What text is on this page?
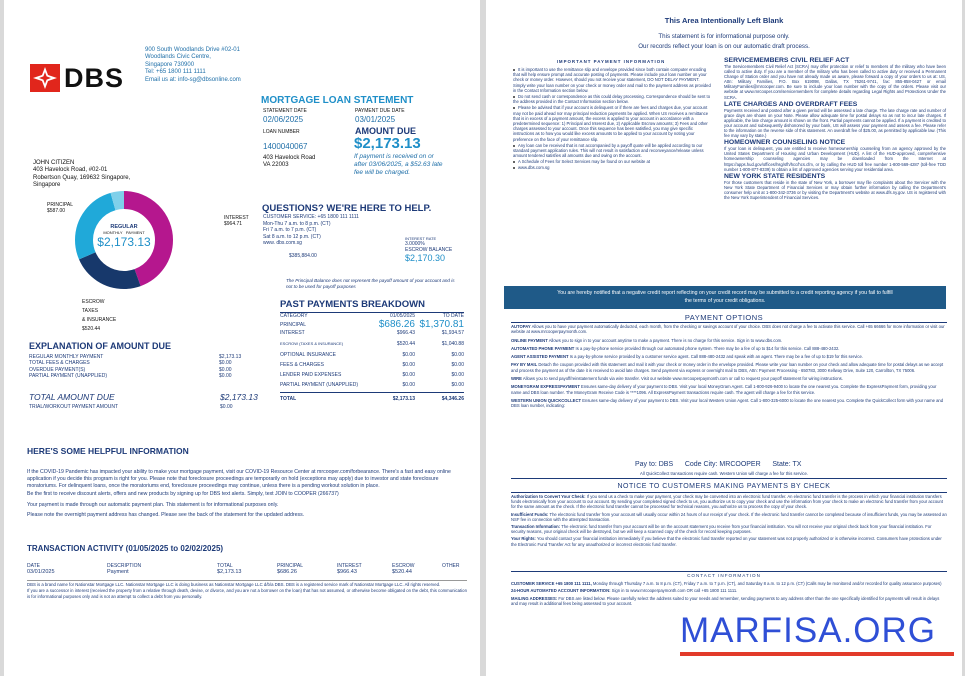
DBS
900 South Woodlands Drive #02-01
Woodlands Civic Centre,
Singapore 730900
Tel: +65 1800 111 1111
Email us at: info-sg@dbsonline.com
MORTGAGE LOAN STATEMENT
STATEMENT DATE	PAYMENT DUE DATE
02/06/2025	03/01/2025
LOAN NUMBER	AMOUNT DUE
1400040067	$2,173.13
403 Havelock Road
VA 22003
If payment is received on or after 03/06/2025, a $52.63 late fee will be charged.
JOHN CITIZEN
403 Havelock Road, #02-01
Robertson Quay, 169632 Singapore,
Singapore
PRINCIPAL
$587.00
INTEREST
$964.71
REGULAR
MONTHLY PAYMENT
$2,173.13
ESCROW
TAXES
& INSURANCE
$520.44
QUESTIONS? WE'RE HERE TO HELP.
CUSTOMER SERVICE: +65 1800 111 1111
Mon-Thu 7 a.m. to 8 p.m. (CT)
Fri 7 a.m. to 7 p.m. (CT)
Sat 8 a.m. to 12 p.m. (CT)
www. dbs.com.sg
$385,884.00
INTEREST RATE
3.0000%
ESCROW BALANCE
$2,170.30
The Principal Balance does not represent the payoff amount of your account and is not to be used for payoff purposes
PAST PAYMENTS BREAKDOWN
CATEGORY	01/05/2025	TO DATE
PRINCIPAL	$686.26	$1,370.81
INTEREST	$966.43	$1,934.57
ESCROW (TAXES & INSURANCE)	$520.44	$1,040.88
OPTIONAL INSURANCE	$0.00	$0.00
FEES & CHARGES	$0.00	$0.00
LENDER PAID EXPENSES	$0.00	$0.00
PARTIAL PAYMENT (UNAPPLIED)	$0.00	$0.00
TOTAL	$2,173.13	$4,346.26
EXPLANATION OF AMOUNT DUE
REGULAR MONTHLY PAYMENT	$2,173.13
TOTAL FEES & CHARGES	$0.00
OVERDUE PAYMENT(S)	$0.00
PARTIAL PAYMENT (UNAPPLIED)	$0.00
TOTAL AMOUNT DUE	$2,173.13
TRIAL/WORKOUT PAYMENT AMOUNT	$0.00
HERE'S SOME HELPFUL INFORMATION

If the COVID-19 Pandemic has impacted your ability to make your mortgage payment, visit our COVID-19 Resource Center at mrcooper.com/forbearance. There's a fast and easy online application if you decide this program is right for you. Please note that foreclosure proceedings are temporarily on hold (exceptions may apply) due to investor and state foreclosure moratoriums. For delinquent loans, once the moratoriums end, foreclosure proceedings may continue, unless there is a pending workout solution in place.

Be the first to receive discount alerts, offers and new products by signing up for DBS text alerts. Simply, text JOIN to COOPER (266737)

Your payment is made through our automatic payment plan. This statement is for informational purposes only.

Please note the overnight payment address has changed. Please see the back of the statement for the updated address.

TRANSACTION ACTIVITY (01/05/2025 to 02/02/2025)
DATE	DESCRIPTION	TOTAL	PRINCIPAL	INTEREST	ESCROW	OTHER
03/01/2025	Payment	$2,173.13	$686.26	$966.43	$520.44	

DBS is a brand name for Nationstar Mortgage LLC. Nationstar Mortgage LLC is doing business as Nationstar Mortgage LLC d/b/a DBS. DBS is a registered service mark of Nationstar Mortgage LLC. All rights reserved.

If you are a successor in interest (received the property from a relative through death, devise, or divorce, and you are not a borrower on the loan) that has not assumed, or otherwise become obligated on the debt, this communication is for informational purposes only and is not an attempt to collect a debt from you personally.

This Area Intentionally Left Blank
This statement is for informational purpose only.
Our records reflect your loan is on our automatic draft process.
IMPORTANT PAYMENT INFORMATION

It is important to use the remittance slip and envelope provided since both contain computer encoding that will help ensure prompt and accurate posting of payments. Please include your loan number on your check or money order. However, should you not receive your statement, DO NOT DELAY PAYMENT. Simply write your loan number on your check or money order and mail to the payment address as provided in the Contact Information section below.

Do not send cash or correspondence as this could delay processing. Correspondence should be sent to the address provided in the Contact Information section below.

Please be advised that if your account is delinquent or if there are fees and charges due, your account may not be paid ahead nor may principal reduction payments be applied. When US receives a remittance that is in excess of a payment amount, the excess is applied to your account in accordance with a predetermined sequence: 1) Principal and Interest due, 2) Applicable Escrow amounts; 3) Fees and other charges assessed to your account. Once this sequence has been satisfied, you may give specific instructions as to how you would like excess amounts to be applied to your account by noting your preference on the face of your remittance slip.

Any loan can be received that is not accompanied by a payoff quote will be applied according to our standard payment application rules. This will not result in satisfaction and reconveyance/release unless amount tendered satisfies all amounts due and owing on the account.

A Schedule of Fees for Select Services may be found on our website at

www.dbs.com.sg

SERVICEMEMBERS CIVIL RELIEF ACT

The Servicemembers Civil Relief Act (SCRA) may offer protection or relief to members of the military who have been called to active duty. If you are a member of the military who has been called to active duty or received a Permanent Change of Station order and you have not already made us aware, please forward a copy of your orders to us at: US, Attn: Military Families, P.O. Box 619098, Dallas, TX 75261-9741, fax: 855-858-0427 or email MilitaryFamilies@mrcooper.com. Be sure to include your loan number with the copy of the orders. Please visit our website at www.mrcooper.com/servicemembers for complete details regarding Legal Rights and Protections Under the SCRA.

LATE CHARGES AND OVERDRAFT FEES

Payments received and posted after a given period will be assessed a late charge. The late charge rate and number of grace days are shown on your Note. Please allow adequate time for postal delays so as not to incur late charges. If applicable, the late charge amount is shown on the front. Partial payments cannot be applied. If a payment is credited to your account and subsequently dishonored by your bank, US will assess your payment and assess a fee. Please refer to the information on the reverse side of this statement. An overdraft fee of $25.00, as permitted by applicable law. (This fee may vary by state.)

HOMEOWNER COUNSELING NOTICE

If your loan is delinquent, you are entitled to receive homeownership counseling from an agency approved by the United States Department of Housing and Urban Development (HUD). A list of the HUD-approved, comprehensive homeownership counseling agencies may be downloaded from the Internet at https://apps.hud.gov/offices/hsg/sfh/hcc/hcs.cfm, or by calling the HUD toll free number 1-800-569-4287 (toll-free TDD number 1-800-877-8339) to obtain a list of approved agencies serving your residential area.

NEW YORK STATE RESIDENTS

For those customers that reside in the state of New York, a borrower may file complaints about the Servicer with the New York State Department of Financial Services or may obtain further information by calling the Department's consumer help unit at 1-800-342-3736 or by visiting the Department's website at www.dfs.ny.gov. US is registered with the New York Superintendent of Financial Services.

You are hereby notified that a negative credit report reflecting on your credit record may be submitted to a credit reporting agency if you fail to fulfill
the terms of your credit obligations.
PAYMENT OPTIONS

AUTOPAY Allows you to have your payment automatically deducted, each month, from the checking or savings account of your choice. DBS does not charge a fee to activate this service. Call +65 66666 for more information or visit our website at www.mrcooperpaymonth.com.

ONLINE PAYMENT Allows you to sign in to your account anytime to make a payment. There is no charge for this service. Sign in to www.dbs.com.

AUTOMATED PHONE PAYMENT Is a pay-by-phone service provided through our automated phone system. There may be a fee of up to $14 for this service. Call 888-480-2432.

AGENT ASSISTED PAYMENT Is a pay-by-phone service provided by a customer service agent. Call 888-480-2432 and speak with an agent. There may be a fee of up to $19 for this service.

PAY BY MAIL Detach the coupon provided with this statement and mail it with your check or money order in the envelope provided. Please write your loan number on your check and allow adequate time for postal delays as we accept and process the payment as of the date it is received to avoid late charges. Send payment via express or overnight mail to DBS, Attn: Payment Processing - 650783, 3000 Kellway Drive, Suite 120, Carrollton, TX 75006.

WIRE Allows you to send payoff/reinstatement funds via wire transfer. Visit our website www.mrcooperpaymonth.com or call to request your payoff statement for wiring instructions.

MONEYGRAM EXPRESSPAYMENT Ensures same-day delivery of your payment to DBS. Visit your local MoneyGram Agent. Call 1-800-926-9400 to locate the one nearest you. Complete the ExpressPayment form, providing your name and DBS loan number. The MoneyGram Receive Code is ****1096. All ExpressPayment transactions require cash. The agent will charge a fee for this service.

WESTERN UNION QUICKCOLLECT Ensures same-day delivery of your payment to DBS. Visit your local Western Union Agent. Call 1-800-325-6000 to locate the one nearest you. Complete the QuickCollect form with your name and DBS loan number, indicating:

Pay to: DBS Code City: MRCOOPER State: TX
All QuickCollect transactions require cash. Western Union will charge a fee for this service.
NOTICE TO CUSTOMERS MAKING PAYMENTS BY CHECK

Authorization to Convert Your Check: If you send us a check to make your payment, your check may be converted into an electronic fund transfer. An electronic fund transfer is the process in which your financial institution transfers funds electronically from your account to our account. By sending your completed signed check to us, you authorize us to copy your check and use the information from your check to make an electronic fund transfer from your account for the same amount as the check. If the electronic fund transfer cannot be processed for technical reasons, you authorize us to process the copy of your check.

Insufficient Funds: The electronic fund transfer from your account will usually occur within 24 hours of our receipt of your check. If the electronic fund transfer cannot be completed because of insufficient funds, you may be assessed an NSF fee in connection with the attempted transaction.

Transaction Information: The electronic fund transfer from your account will be on the account statement you receive from your financial institution. You will not receive your original check back from your financial institution. For security reasons, your original check will be destroyed, but we will keep a scanned copy of the check for record keeping purposes.

Your Rights: You should contact your financial institution immediately if you believe that the electronic fund transfer reported on your statement was not properly authorized or is otherwise incorrect. Consumers have protections under the Electronic Fund Transfer Act for any unauthorized or incorrect electronic fund transfer.

CONTACT INFORMATION

CUSTOMER SERVICE +65 1800 111 1111, Monday through Thursday 7 a.m. to 8 p.m. (CT), Friday 7 a.m. to 7 p.m. (CT), and Saturday 8 a.m. to 12 p.m. (CT) (Calls may be monitored and/or recorded for quality assurance purposes)

24-HOUR AUTOMATED ACCOUNT INFORMATION: Sign in to www.mrcooperpaymonth.com OR call +65 1800 111 1111.

MAILING ADDRESSES: For DBS are listed below. Please carefully select the address suited to your needs and remember, sending payments to any address other than the one specifically identified for payments will result in delays and may result in additional fees being assessed to your account.

MARFISA.ORG
